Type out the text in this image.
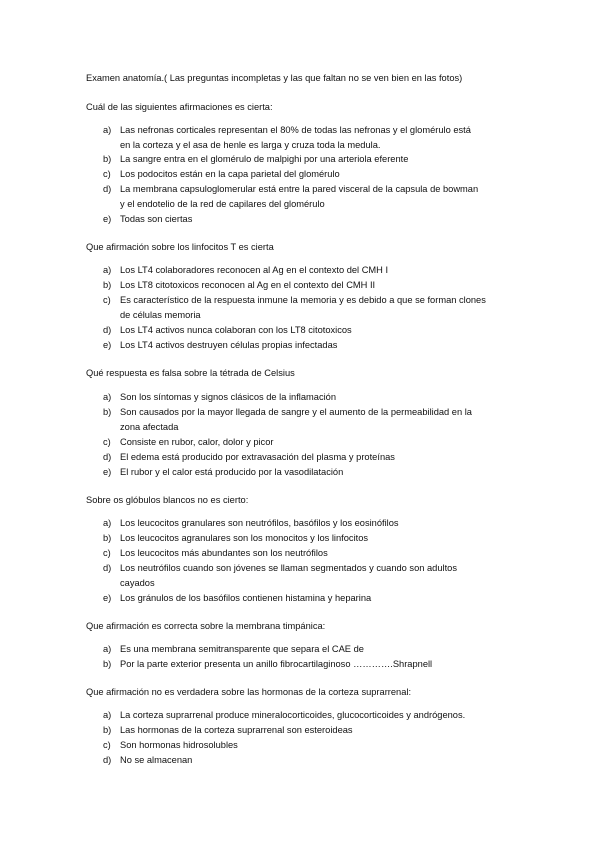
Examen anatomía.( Las preguntas incompletas y las que faltan no se ven bien en las fotos)
Cuál de las siguientes afirmaciones es cierta:
a) Las nefronas corticales representan el 80% de todas las nefronas y el glomérulo está
en la corteza y el asa de henle es larga y cruza toda la medula.
b) La sangre entra en el glomérulo de malpighi por una arteriola eferente
c) Los podocitos están en la capa parietal del glomérulo
d) La membrana capsuloglomerular está entre la pared visceral de la capsula de bowman
y el endotelio de la red de capilares del glomérulo
e) Todas son ciertas
Que afirmación sobre los linfocitos T es cierta
a) Los LT4 colaboradores reconocen al Ag en el contexto del CMH I
b) Los LT8 citotoxicos reconocen al Ag en el contexto del CMH II
c) Es característico de la respuesta inmune la memoria y es debido a que se forman clones
de células memoria
d) Los LT4 activos nunca colaboran con los LT8 citotoxicos
e) Los LT4 activos destruyen células propias infectadas
Qué respuesta es falsa sobre la tétrada de Celsius
a) Son los síntomas y signos clásicos de la inflamación
b) Son causados por la mayor llegada de sangre y el aumento de la permeabilidad en la
zona afectada
c) Consiste en rubor, calor, dolor y picor
d) El edema está producido por extravasación del plasma y proteínas
e) El rubor y el calor está producido por la vasodilatación
Sobre os glóbulos blancos no es cierto:
a) Los leucocitos granulares son neutrófilos, basófilos y los eosinófilos
b) Los leucocitos agranulares son los monocitos y los linfocitos
c) Los leucocitos más abundantes son los neutrófilos
d) Los neutrófilos cuando son jóvenes se llaman segmentados y cuando son adultos
cayados
e) Los gránulos de los basófilos contienen histamina y heparina
Que afirmación es correcta sobre la membrana timpánica:
a) Es una membrana semitransparente que separa el CAE de
b) Por la parte exterior presenta un anillo fibrocartilaginoso ………….Shrapnell
Que afirmación no es verdadera sobre las hormonas de la corteza suprarrenal:
a) La corteza suprarrenal produce mineralocorticoides, glucocorticoides y andrógenos.
b) Las hormonas de la corteza suprarrenal son esteroideas
c) Son hormonas hidrosolubles
d) No se almacenan
